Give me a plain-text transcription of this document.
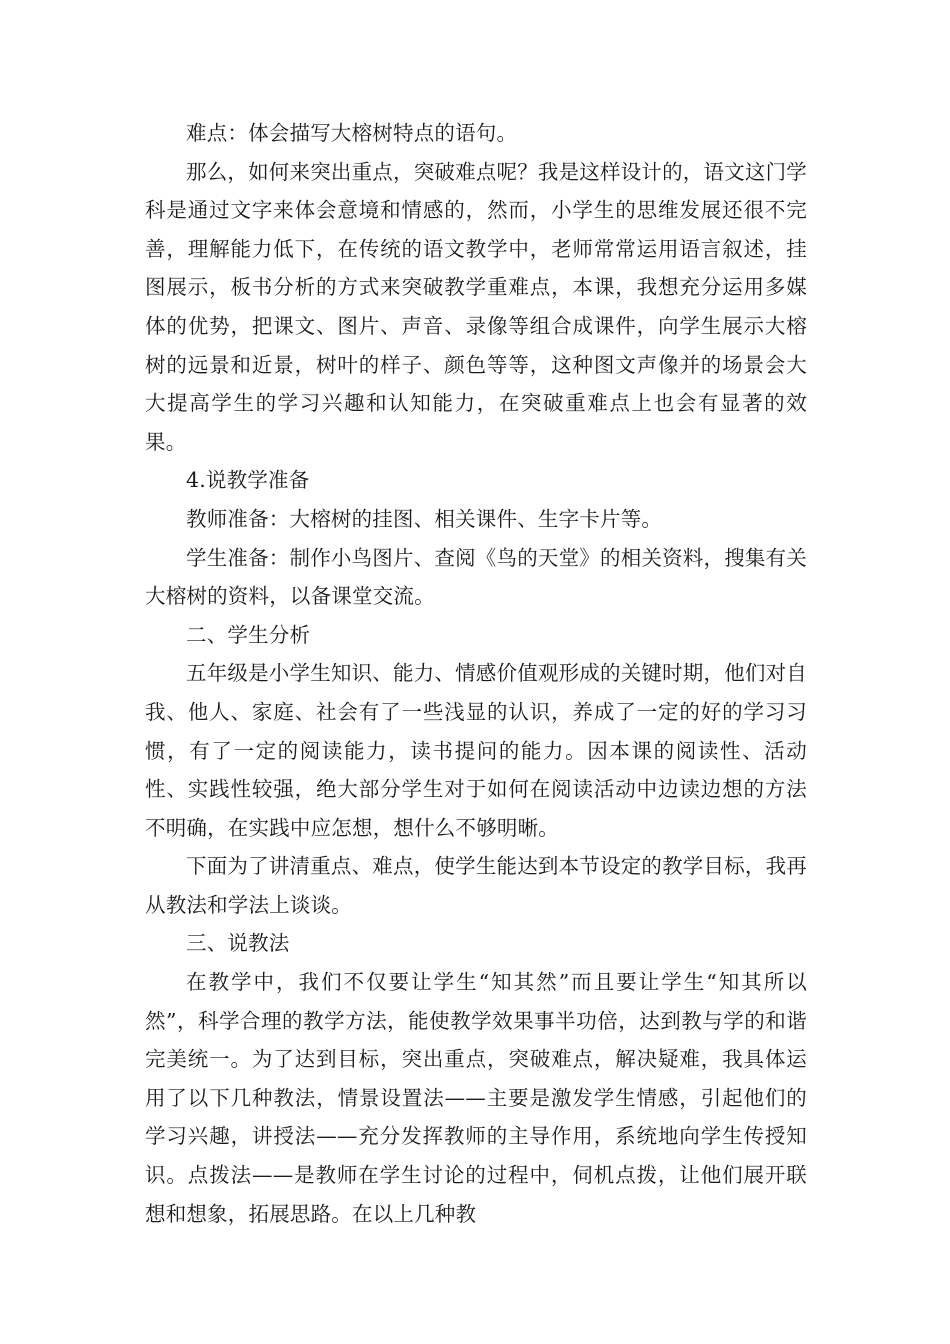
难点：体会描写大榕树特点的语句。

那么，如何来突出重点，突破难点呢？我是这样设计的，语文这门学科是通过文字来体会意境和情感的，然而，小学生的思维发展还很不完善，理解能力低下，在传统的语文教学中，老师常常运用语言叙述，挂图展示，板书分析的方式来突破教学重难点，本课，我想充分运用多媒体的优势，把课文、图片、声音、录像等组合成课件，向学生展示大榕树的远景和近景，树叶的样子、颜色等等，这种图文声像并的场景会大大提高学生的学习兴趣和认知能力，在突破重难点上也会有显著的效果。

4.说教学准备

教师准备：大榕树的挂图、相关课件、生字卡片等。

学生准备：制作小鸟图片、查阅《鸟的天堂》的相关资料，搜集有关大榕树的资料，以备课堂交流。

二、学生分析

五年级是小学生知识、能力、情感价值观形成的关键时期，他们对自我、他人、家庭、社会有了一些浅显的认识，养成了一定的好的学习习惯，有了一定的阅读能力，读书提问的能力。因本课的阅读性、活动性、实践性较强，绝大部分学生对于如何在阅读活动中边读边想的方法不明确，在实践中应怎想，想什么不够明晰。

下面为了讲清重点、难点，使学生能达到本节设定的教学目标，我再从教法和学法上谈谈。

三、说教法

在教学中，我们不仅要让学生“知其然”而且要让学生“知其所以然”，科学合理的教学方法，能使教学效果事半功倍，达到教与学的和谐完美统一。为了达到目标，突出重点，突破难点，解决疑难，我具体运用了以下几种教法，情景设置法——主要是激发学生情感，引起他们的学习兴趣，讲授法——充分发挥教师的主导作用，系统地向学生传授知识。点拨法——是教师在学生讨论的过程中，伺机点拨，让他们展开联想和想象，拓展思路。在以上几种教
